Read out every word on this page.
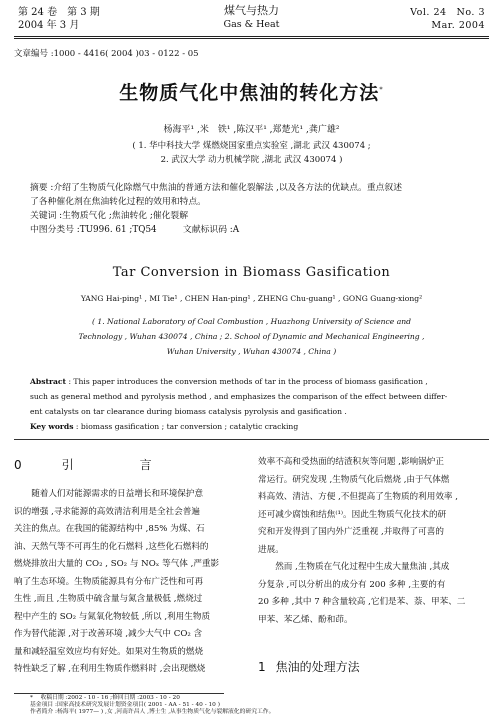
第 24 卷　第 3 期
2004 年 3 月
煤气与热力
Gas & Heat
Vol. 24　No. 3
Mar. 2004
文章编号 :1000 - 4416( 2004 )03 - 0122 - 05
生物质气化中焦油的转化方法*
杨海平¹ ,米　铁¹ ,陈汉平¹ ,郑楚光¹ ,龚广雄²
( 1. 华中科技大学 煤燃烧国家重点实验室 ,湖北 武汉 430074 ;
2. 武汉大学 动力机械学院 ,湖北 武汉 430074 )
摘要 :介绍了生物质气化除燃气中焦油的普通方法和催化裂解法 ,以及各方法的优缺点。重点叙述
了各种催化剂在焦油转化过程的效用和特点。
关键词 :生物质气化 ;焦油转化 ;催化裂解
中图分类号 :TU996. 61 ;TQ54　　　文献标识码 :A
Tar Conversion in Biomass Gasification
YANG Hai-ping¹ , MI Tie¹ , CHEN Han-ping¹ , ZHENG Chu-guang¹ , GONG Guang-xiong²
( 1. National Laboratory of Coal Combustion , Huazhong University of Science and
Technology , Wuhan 430074 , China ; 2. School of Dynamic and Mechanical Engineering ,
Wuhan University , Wuhan 430074 , China )
Abstract : This paper introduces the conversion methods of tar in the process of biomass gasification ,
such as general method and pyrolysis method , and emphasizes the comparison of the effect between differ-
ent catalysts on tar clearance during biomass catalysis pyrolysis and gasification .
Key words : biomass gasification ; tar conversion ; catalytic cracking
0　引　　言
随着人们对能源需求的日益增长和环境保护意
识的增强 ,寻求能源的高效清洁利用是全社会普遍
关注的焦点。在我国的能源结构中 ,85% 为煤、石
油、天然气等不可再生的化石燃料 ,这些化石燃料的
燃烧排放出大量的 CO₂ , SO₂ 与 NOₓ 等气体 ,严重影
响了生态环境。生物质能源具有分布广泛性和可再
生性 ,而且 ,生物质中硫含量与氮含量极低 ,燃烧过
程中产生的 SO₂ 与氮氧化物较低 ,所以 ,利用生物质
作为替代能源 ,对于改善环境 ,减少大气中 CO₂ 含
量和减轻温室效应均有好处。如果对生物质的燃烧
特性缺乏了解 ,在利用生物质作燃料时 ,会出现燃烧
效率不高和受热面的结渣积灰等问题 ,影响锅炉正
常运行。研究发现 ,生物质气化后燃烧 ,由于气体燃
料高效、清洁、方便 ,不但提高了生物质的利用效率 ,
还可减少腐蚀和结焦⁽¹⁾。因此生物质气化技术的研
究和开发得到了国内外广泛重视 ,并取得了可喜的
进展。
然而 ,生物质在气化过程中生成大量焦油 ,其成
分复杂 ,可以分析出的成分有 200 多种 ,主要的有
20 多种 ,其中 7 种含量较高 ,它们是苯、萘、甲苯、二
甲苯、苯乙烯、酚和茚。
1 焦油的处理方法
* 　收稿日期 :2002 - 10 - 16 ;修回日期 :2003 - 10 - 20
基金项目 :国家高技术研究发展计划资金项目( 2001 - AA - 51 - 40 - 10 )
作者简介 :杨海平( 1977— ) ,女 ,河南许昌人 ,博士生 ,从事生物质气化与裂解液化的研究工作。
